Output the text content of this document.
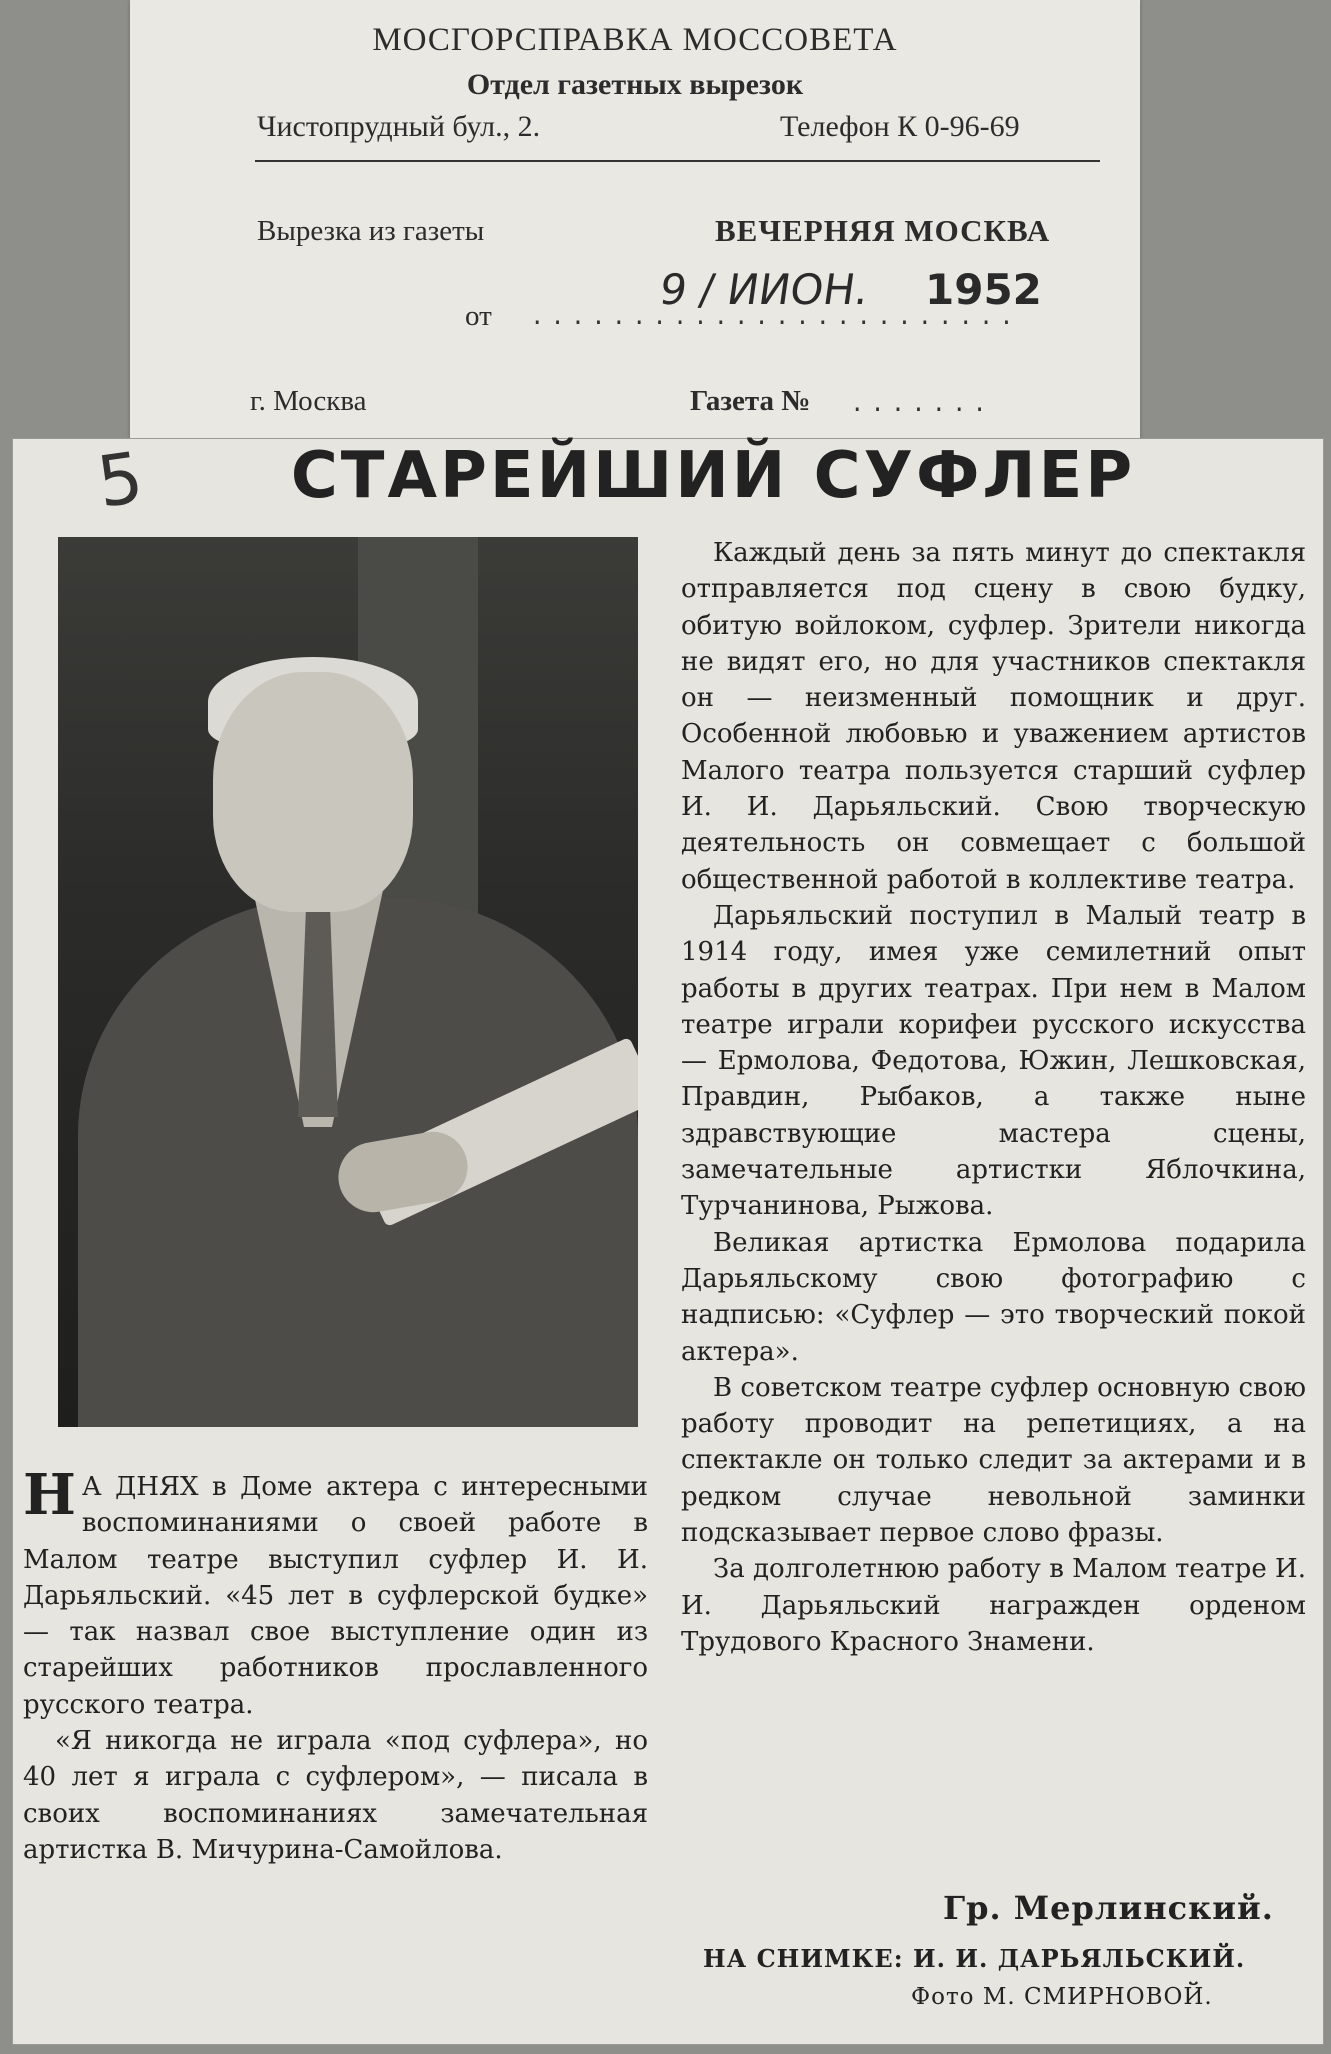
МОСГОРСПРАВКА МОССОВЕТА
Отдел газетных вырезок
Чистопрудный бул., 2.	Телефон К 0-96-69
Вырезка из газеты	ВЕЧЕРНЯЯ МОСКВА
от ........................
9 / ИИОН. 1952
г. Москва	Газета № .......
5 СТАРЕЙШИЙ СУФЛЕР

Н А ДНЯХ в Доме актера с интересными воспоминаниями о своей работе в Малом театре выступил суфлер И. И. Дарьяльский. «45 лет в суфлерской будке» — так назвал свое выступление один из старейших работников прославленного русского театра.

«Я никогда не играла «под суфлера», но 40 лет я играла с суфлером», — писала в своих воспоминаниях замечательная артистка В. Мичурина-Самойлова.

Каждый день за пять минут до спектакля отправляется под сцену в свою будку, обитую войлоком, суфлер. Зрители никогда не видят его, но для участников спектакля он — неизменный помощник и друг. Особенной любовью и уважением артистов Малого театра пользуется старший суфлер И. И. Дарьяльский. Свою творческую деятельность он совмещает с большой общественной работой в коллективе театра.

Дарьяльский поступил в Малый театр в 1914 году, имея уже семилетний опыт работы в других театрах. При нем в Малом театре играли корифеи русского искусства — Ермолова, Федотова, Южин, Лешковская, Правдин, Рыбаков, а также ныне здравствующие мастера сцены, замечательные артистки Яблочкина, Турчанинова, Рыжова.

Великая артистка Ермолова подарила Дарьяльскому свою фотографию с надписью: «Суфлер — это творческий покой актера».

В советском театре суфлер основную свою работу проводит на репетициях, а на спектакле он только следит за актерами и в редком случае невольной заминки подсказывает первое слово фразы.

За долголетнюю работу в Малом театре И. И. Дарьяльский награжден орденом Трудового Красного Знамени.

Гр. Мерлинский.
НА СНИМКЕ: И. И. ДАРЬЯЛЬСКИЙ.
Фото М. СМИРНОВОЙ.
